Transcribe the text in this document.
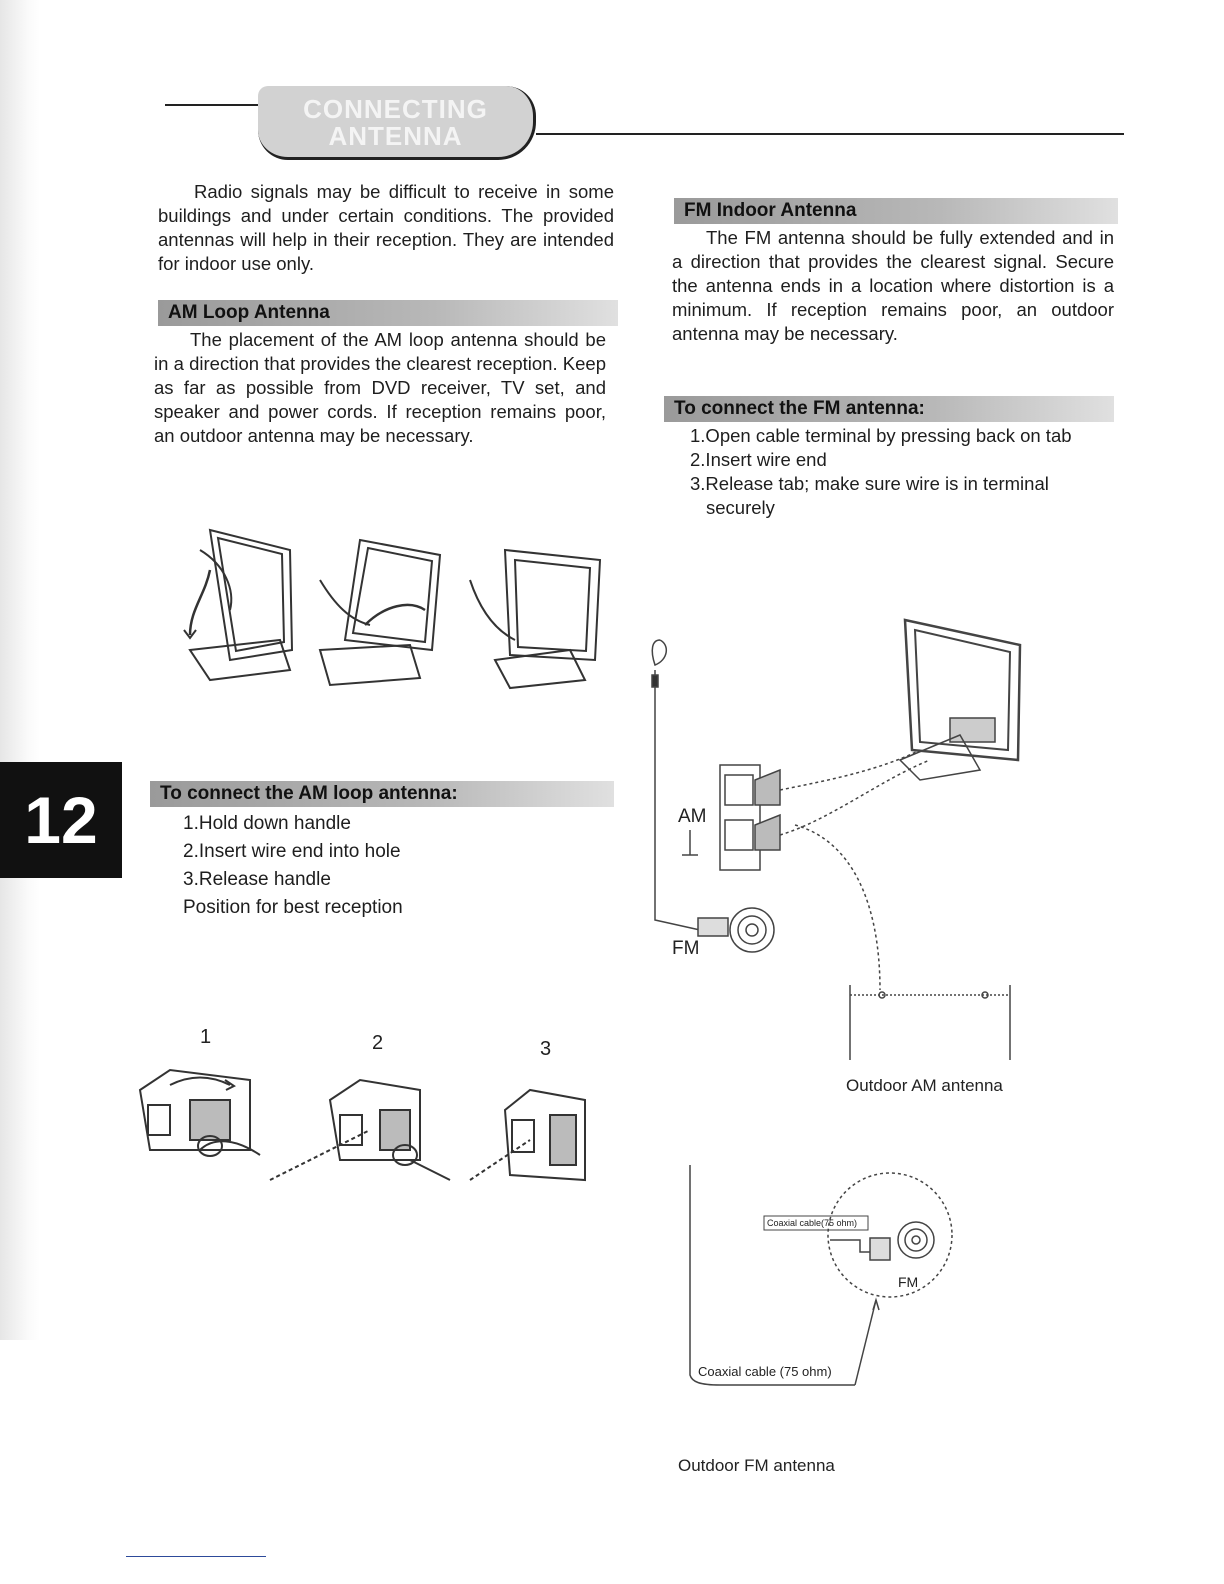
CONNECTING
ANTENNA
Radio signals may be difficult to receive in some buildings and under certain conditions. The provided antennas will help in their reception. They are intended for indoor use only.
AM Loop Antenna
The placement of the AM loop antenna should be in a direction that provides the clearest reception. Keep as far as possible from DVD receiver, TV set, and speaker and power cords. If reception remains poor, an outdoor antenna may be necessary.
To connect the AM loop antenna:
1.Hold down handle
2.Insert wire end into hole
3.Release handle
Position for best reception
12
1	2	3
FM Indoor Antenna
The FM antenna should be fully extended and in a direction that provides the clearest signal. Secure the antenna ends in a location where distortion is a minimum. If reception remains poor, an outdoor antenna may be necessary.
To connect the FM antenna:
1.Open cable terminal by pressing back on tab
2.Insert wire end
3.Release tab; make sure wire is in terminal
securely
AM
FM
Outdoor AM antenna
Coaxial cable(75 ohm)
FM
Coaxial cable (75 ohm)
Outdoor FM antenna
